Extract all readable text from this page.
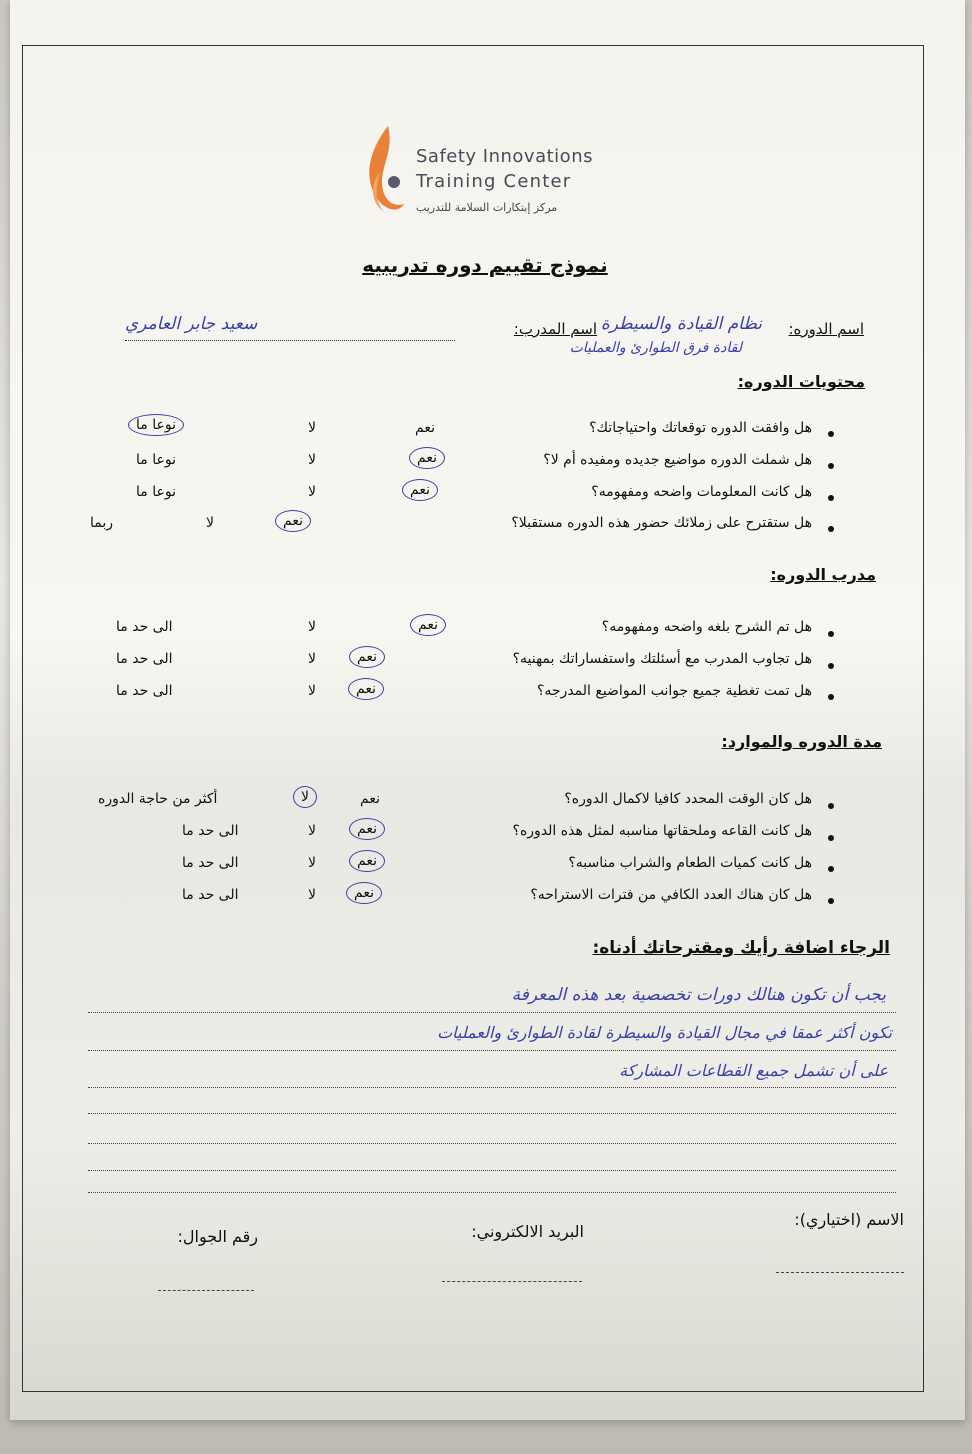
Safety Innovations
Training Center
مركز إبتكارات السلامة للتدريب
نموذج تقييم دوره تدريبيه
اسم الدوره:
نظام القيادة والسيطرة
لقادة فرق الطوارئ والعمليات
اسم المدرب:
سعيد جابر العامري
محتويات الدوره:
هل وافقت الدوره توقعاتك واحتياجاتك؟
نعم
لا
نوعا ما
هل شملت الدوره مواضيع جديده ومفيده أم لا؟
نعم
لا
نوعا ما
هل كانت المعلومات واضحه ومفهومه؟
نعم
لا
نوعا ما
هل ستقترح على زملائك حضور هذه الدوره مستقبلا؟
نعم
لا
ربما
مدرب الدوره:
هل تم الشرح بلغه واضحه ومفهومه؟
نعم
لا
الى حد ما
هل تجاوب المدرب مع أسئلتك واستفساراتك بمهنيه؟
نعم
لا
الى حد ما
هل تمت تغطية جميع جوانب المواضيع المدرجه؟
نعم
لا
الى حد ما
مدة الدوره والموارد:
هل كان الوقت المحدد كافيا لاكمال الدوره؟
نعم
لا
أكثر من حاجة الدوره
هل كانت القاعه وملحقاتها مناسبه لمثل هذه الدوره؟
نعم
لا
الى حد ما
هل كانت كميات الطعام والشراب مناسبه؟
نعم
لا
الى حد ما
هل كان هناك العدد الكافي من فترات الاستراحه؟
نعم
لا
الى حد ما
الرجاء اضافة رأيك ومقترحاتك أدناه:
يجب أن تكون هنالك دورات تخصصية بعد هذه المعرفة
تكون أكثر عمقا في مجال القيادة والسيطرة لقادة الطوارئ والعمليات
على أن تشمل جميع القطاعات المشاركة
الاسم (اختياري):
البريد الالكتروني:
رقم الجوال:
